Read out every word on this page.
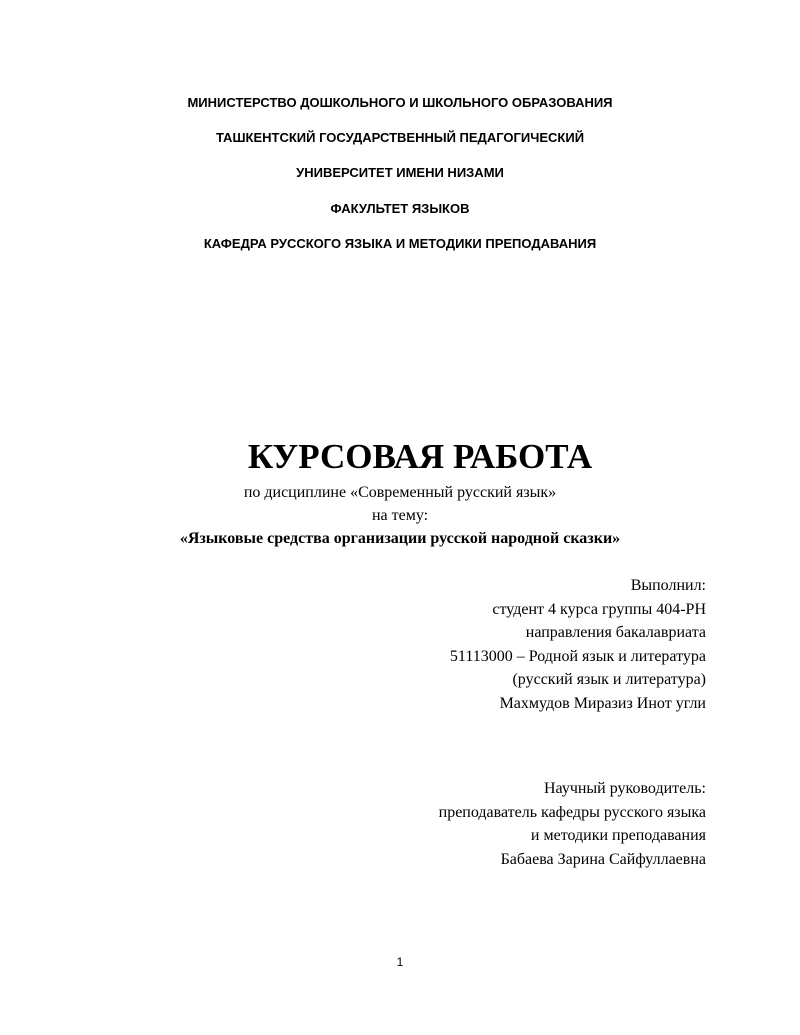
МИНИСТЕРСТВО ДОШКОЛЬНОГО И ШКОЛЬНОГО ОБРАЗОВАНИЯ
ТАШКЕНТСКИЙ ГОСУДАРСТВЕННЫЙ ПЕДАГОГИЧЕСКИЙ
УНИВЕРСИТЕТ ИМЕНИ НИЗАМИ
ФАКУЛЬТЕТ ЯЗЫКОВ
КАФЕДРА РУССКОГО ЯЗЫКА И МЕТОДИКИ ПРЕПОДАВАНИЯ
КУРСОВАЯ РАБОТА
по дисциплине «Современный русский язык»
на тему:
«Языковые средства организации русской народной сказки»
Выполнил:
студент 4 курса группы 404-РН
направления бакалавриата
51113000 – Родной язык и литература
(русский язык и литература)
Махмудов Миразиз Инот угли
Научный руководитель:
преподаватель кафедры русского языка
и методики преподавания
Бабаева Зарина Сайфуллаевна
1
